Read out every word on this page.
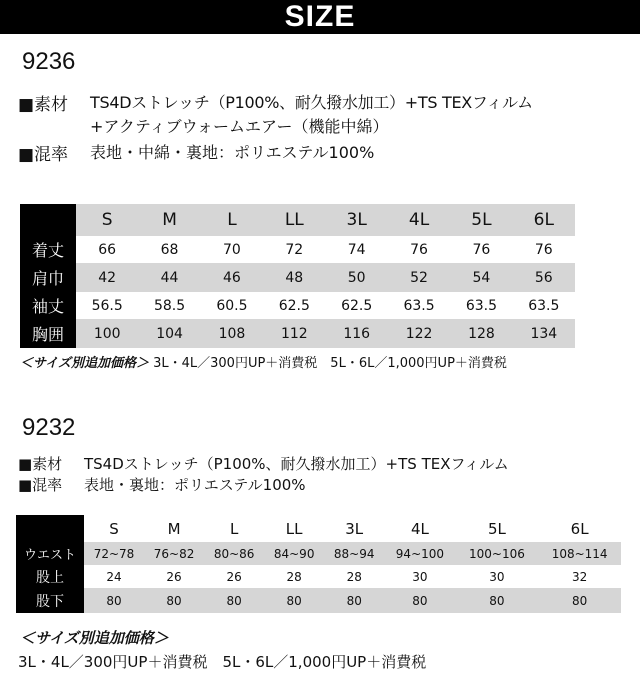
SIZE
9236
■素材 TS4Dストレッチ（P100%、耐久撥水加工）+TS TEXフィルム
+アクティブウォームエアー（機能中綿）
■混率 表地・中綿・裏地：ポリエステル100%
	S	M	L	LL	3L	4L	5L	6L
着丈	66	68	70	72	74	76	76	76
肩巾	42	44	46	48	50	52	54	56
袖丈	56.5	58.5	60.5	62.5	62.5	63.5	63.5	63.5
胸囲	100	104	108	112	116	122	128	134
＜サイズ別追加価格＞ 3L・4L／300円UP＋消費税　5L・6L／1,000円UP＋消費税
9232
■素材 TS4Dストレッチ（P100%、耐久撥水加工）+TS TEXフィルム
■混率 表地・裏地：ポリエステル100%
	S	M	L	LL	3L	4L	5L	6L
ウエスト	72~78	76~82	80~86	84~90	88~94	94~100	100~106	108~114
股上	24	26	26	28	28	30	30	32
股下	80	80	80	80	80	80	80	80
＜サイズ別追加価格＞
3L・4L／300円UP＋消費税　5L・6L／1,000円UP＋消費税
